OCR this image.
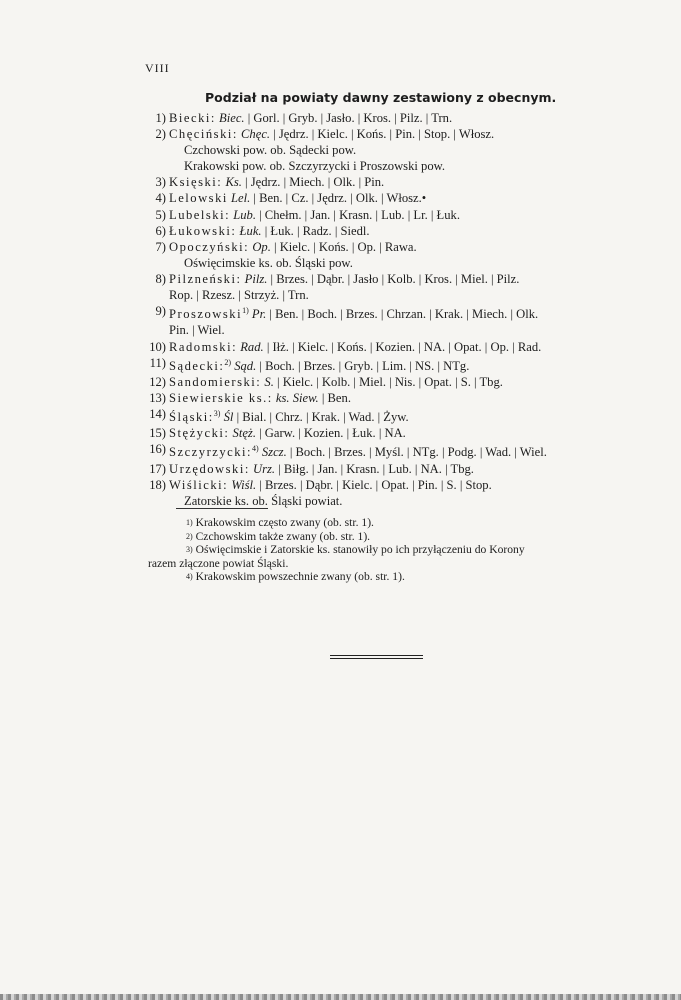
VIII
Podział na powiaty dawny zestawiony z obecnym.
1) Biecki: Biec. | Gorl. | Gryb. | Jasło. | Kros. | Pilz. | Trn.
2) Chęciński: Chęc. | Jędrz. | Kielc. | Końs. | Pin. | Stop. | Włosz.
Czchowski pow. ob. Sądecki pow.
Krakowski pow. ob. Szczyrzycki i Proszowski pow.
3) Księski: Ks. | Jędrz. | Miech. | Olk. | Pin.
4) Lelowski Lel. | Ben. | Cz. | Jędrz. | Olk. | Włosz.•
5) Lubelski: Lub. | Chełm. | Jan. | Krasn. | Lub. | Lr. | Łuk.
6) Łukowski: Łuk. | Łuk. | Radz. | Siedl.
7) Opoczyński: Op. | Kielc. | Końs. | Op. | Rawa.
Oświęcimskie ks. ob. Śląski pow.
8) Pilzneński: Pilz. | Brzes. | Dąbr. | Jasło | Kolb. | Kros. | Miel. | Pilz.
Rop. | Rzesz. | Strzyż. | Trn.
9) Proszowski$^{1)}$ Pr. | Ben. | Boch. | Brzes. | Chrzan. | Krak. | Miech. | Olk.
Pin. | Wiel.
10) Radomski: Rad. | Iłż. | Kielc. | Końs. | Kozien. | NA. | Opat. | Op. | Rad.
11) Sądecki:$^{2)}$ Sąd. | Boch. | Brzes. | Gryb. | Lim. | NS. | NTg.
12) Sandomierski: S. | Kielc. | Kolb. | Miel. | Nis. | Opat. | S. | Tbg.
13) Siewierskie ks.: ks. Siew. | Ben.
14) Śląski:$^{3)}$ Śl | Bial. | Chrz. | Krak. | Wad. | Żyw.
15) Stężycki: Stęż. | Garw. | Kozien. | Łuk. | NA.
16) Szczyrzycki:$^{4)}$ Szcz. | Boch. | Brzes. | Myśl. | NTg. | Podg. | Wad. | Wiel.
17) Urzędowski: Urz. | Biłg. | Jan. | Krasn. | Lub. | NA. | Tbg.
18) Wiślicki: Wiśl. | Brzes. | Dąbr. | Kielc. | Opat. | Pin. | S. | Stop.
Zatorskie ks. ob. Śląski powiat.
$^{1)}$ Krakowskim często zwany (ob. str. 1).
$^{2)}$ Czchowskim także zwany (ob. str. 1).
$^{3)}$ Oświęcimskie i Zatorskie ks. stanowiły po ich przyłączeniu do Korony
razem złączone powiat Śląski.
$^{4)}$ Krakowskim powszechnie zwany (ob. str. 1).
